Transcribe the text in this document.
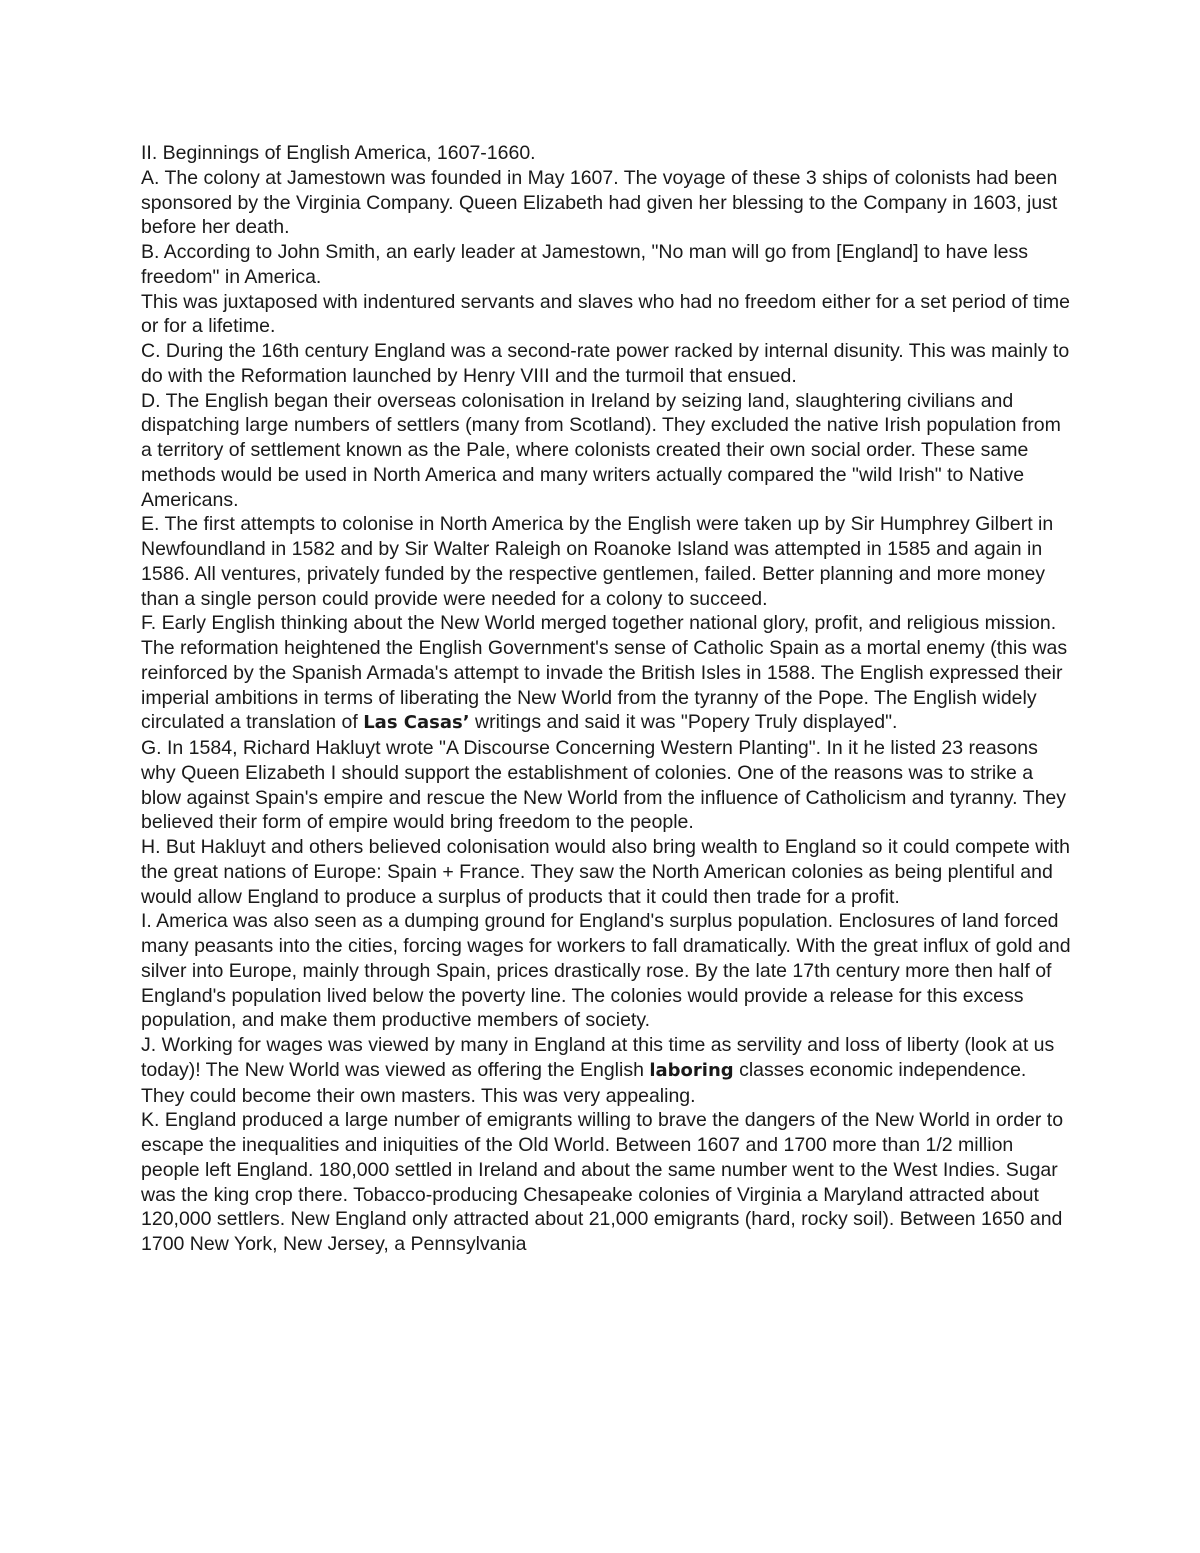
II. Beginnings of English America, 1607-1660.

A. The colony at Jamestown was founded in May 1607. The voyage of these 3 ships of colonists had been sponsored by the Virginia Company. Queen Elizabeth had given her blessing to the Company in 1603, just before her death.

B. According to John Smith, an early leader at Jamestown, "No man will go from [England] to have less freedom" in America.

This was juxtaposed with indentured servants and slaves who had no freedom either for a set period of time or for a lifetime.

C. During the 16th century England was a second-rate power racked by internal disunity. This was mainly to do with the Reformation launched by Henry VIII and the turmoil that ensued.

D. The English began their overseas colonisation in Ireland by seizing land, slaughtering civilians and dispatching large numbers of settlers (many from Scotland). They excluded the native Irish population from a territory of settlement known as the Pale, where colonists created their own social order. These same methods would be used in North America and many writers actually compared the "wild Irish" to Native Americans.

E. The first attempts to colonise in North America by the English were taken up by Sir Humphrey Gilbert in Newfoundland in 1582 and by Sir Walter Raleigh on Roanoke Island was attempted in 1585 and again in 1586. All ventures, privately funded by the respective gentlemen, failed. Better planning and more money than a single person could provide were needed for a colony to succeed.

F. Early English thinking about the New World merged together national glory, profit, and religious mission. The reformation heightened the English Government's sense of Catholic Spain as a mortal enemy (this was reinforced by the Spanish Armada's attempt to invade the British Isles in 1588. The English expressed their imperial ambitions in terms of liberating the New World from the tyranny of the Pope. The English widely circulated a translation of Las Casas’ writings and said it was "Popery Truly displayed".

G. In 1584, Richard Hakluyt wrote "A Discourse Concerning Western Planting". In it he listed 23 reasons why Queen Elizabeth I should support the establishment of colonies. One of the reasons was to strike a blow against Spain's empire and rescue the New World from the influence of Catholicism and tyranny. They believed their form of empire would bring freedom to the people.

H. But Hakluyt and others believed colonisation would also bring wealth to England so it could compete with the great nations of Europe: Spain + France. They saw the North American colonies as being plentiful and would allow England to produce a surplus of products that it could then trade for a profit.

I. America was also seen as a dumping ground for England's surplus population. Enclosures of land forced many peasants into the cities, forcing wages for workers to fall dramatically. With the great influx of gold and silver into Europe, mainly through Spain, prices drastically rose. By the late 17th century more then half of England's population lived below the poverty line. The colonies would provide a release for this excess population, and make them productive members of society.

J. Working for wages was viewed by many in England at this time as servility and loss of liberty (look at us today)! The New World was viewed as offering the English laboring classes economic independence. They could become their own masters. This was very appealing.

K. England produced a large number of emigrants willing to brave the dangers of the New World in order to escape the inequalities and iniquities of the Old World. Between 1607 and 1700 more than 1/2 million people left England. 180,000 settled in Ireland and about the same number went to the West Indies. Sugar was the king crop there. Tobacco-producing Chesapeake colonies of Virginia a Maryland attracted about 120,000 settlers. New England only attracted about 21,000 emigrants (hard, rocky soil). Between 1650 and 1700 New York, New Jersey, a Pennsylvania
